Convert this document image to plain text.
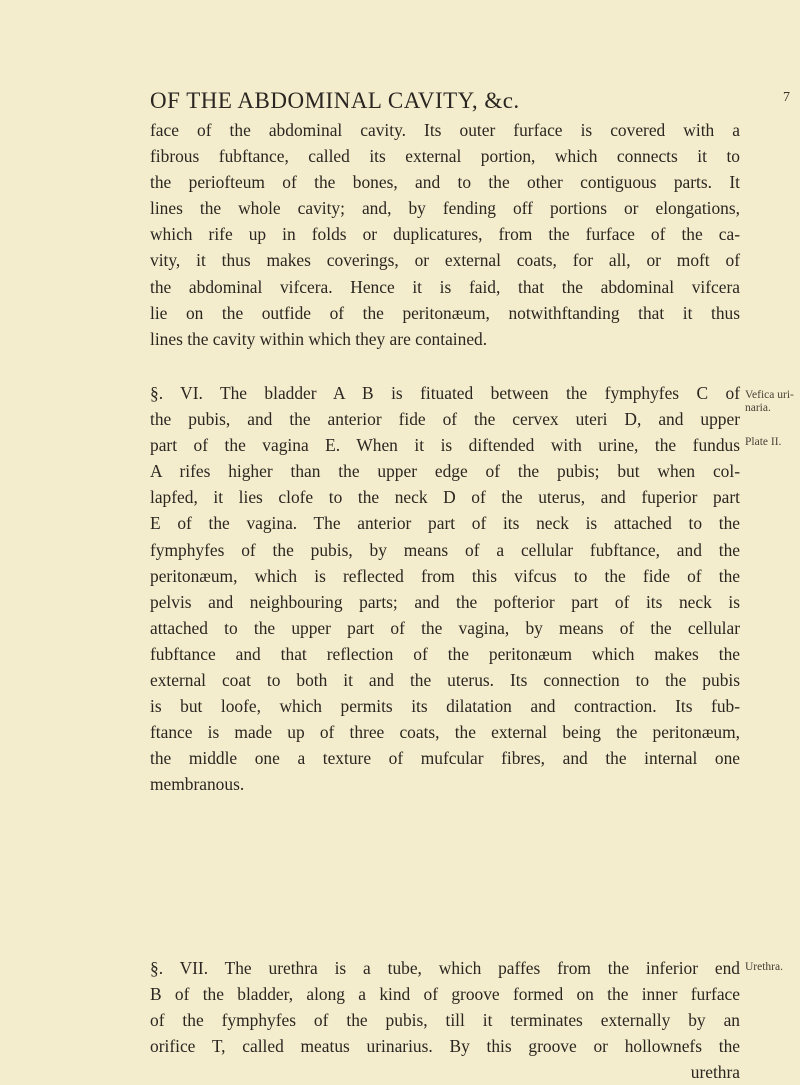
OF THE ABDOMINAL CAVITY, &c.	7
face of the abdominal cavity. Its outer furface is covered with a
fibrous fubftance, called its external portion, which connects it to
the periofteum of the bones, and to the other contiguous parts. It
lines the whole cavity; and, by fending off portions or elongations,
which rife up in folds or duplicatures, from the furface of the ca-
vity, it thus makes coverings, or external coats, for all, or moft of
the abdominal vifcera. Hence it is faid, that the abdominal vifcera
lie on the outfide of the peritonæum, notwithftanding that it thus
lines the cavity within which they are contained.
§. VI. The bladder A B is fituated between the fymphyfes C of
the pubis, and the anterior fide of the cervex uteri D, and upper
part of the vagina E. When it is diftended with urine, the fundus
A rifes higher than the upper edge of the pubis; but when col-
lapfed, it lies clofe to the neck D of the uterus, and fuperior part
E of the vagina. The anterior part of its neck is attached to the
fymphyfes of the pubis, by means of a cellular fubftance, and the
peritonæum, which is reflected from this vifcus to the fide of the
pelvis and neighbouring parts; and the pofterior part of its neck is
attached to the upper part of the vagina, by means of the cellular
fubftance and that reflection of the peritonæum which makes the
external coat to both it and the uterus. Its connection to the pubis
is but loofe, which permits its dilatation and contraction. Its fub-
ftance is made up of three coats, the external being the peritonæum,
the middle one a texture of mufcular fibres, and the internal one
membranous.
§. VII. The urethra is a tube, which paffes from the inferior end
B of the bladder, along a kind of groove formed on the inner furface
of the fymphyfes of the pubis, till it terminates externally by an
orifice T, called meatus urinarius. By this groove or hollownefs the
urethra
Vefica uri-naria.
Plate II.
Urethra.
